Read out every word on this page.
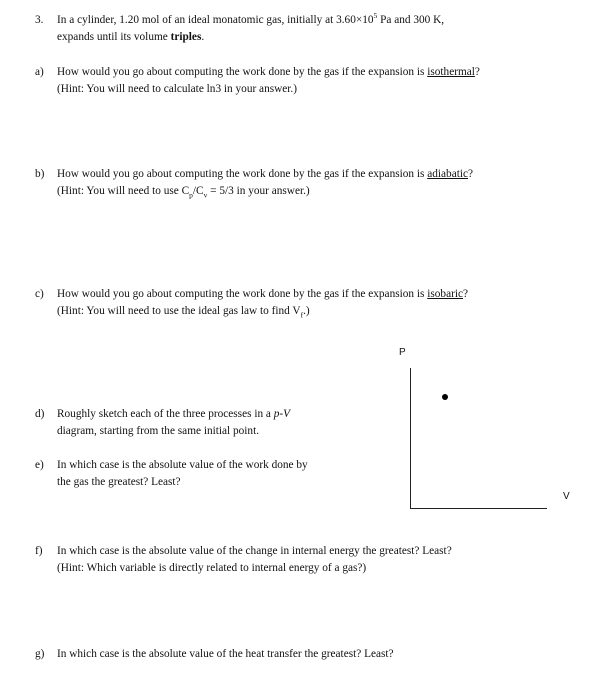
3. In a cylinder, 1.20 mol of an ideal monatomic gas, initially at $3.60\times 10^5$ Pa and 300 K,
expands until its volume triples.
a) How would you go about computing the work done by the gas if the expansion is isothermal?
(Hint: You will need to calculate ln3 in your answer.)
b) How would you go about computing the work done by the gas if the expansion is adiabatic?
(Hint: You will need to use $C_p/C_v = 5/3$ in your answer.)
c) How would you go about computing the work done by the gas if the expansion is isobaric?
(Hint: You will need to use the ideal gas law to find $V_f$.)
d) Roughly sketch each of the three processes in a p-V
diagram, starting from the same initial point.
e) In which case is the absolute value of the work done by
the gas the greatest? Least?
P
V
f) In which case is the absolute value of the change in internal energy the greatest? Least?
(Hint: Which variable is directly related to internal energy of a gas?)
g) In which case is the absolute value of the heat transfer the greatest? Least?
